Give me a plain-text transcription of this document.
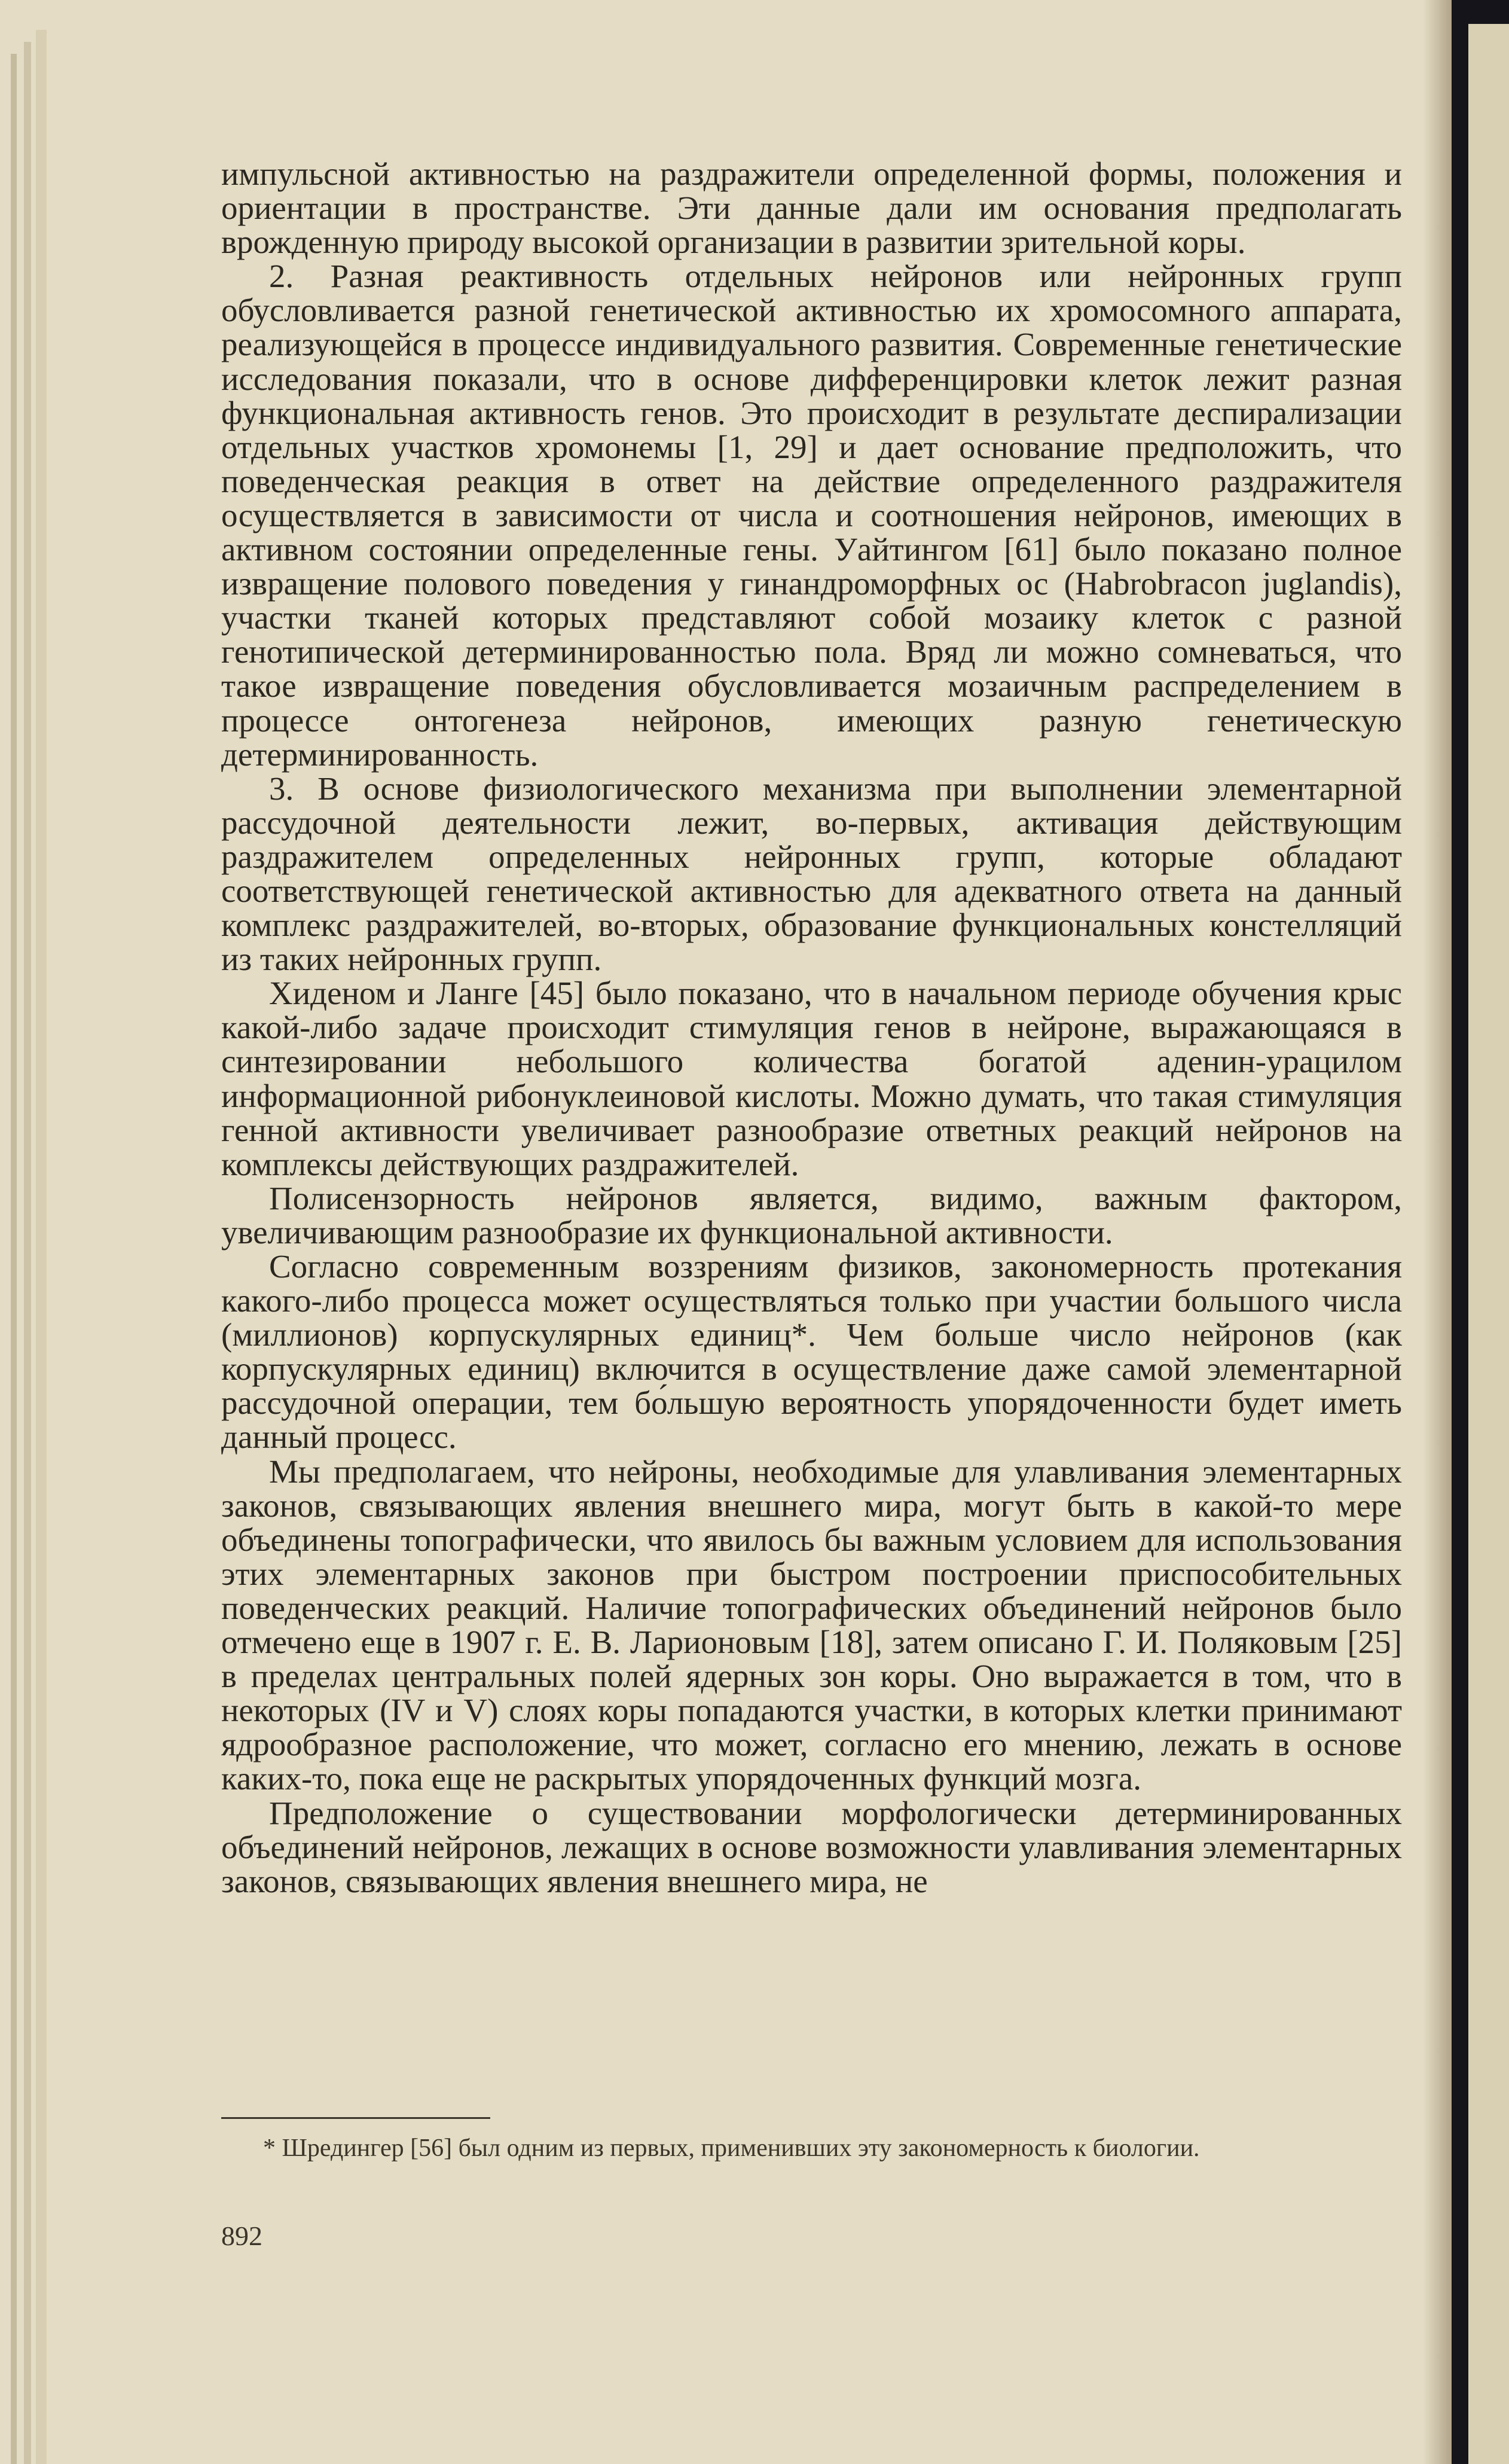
импульсной активностью на раздражители определенной формы, положения и ориентации в пространстве. Эти данные дали им основания предполагать врожденную природу высокой организации в развитии зрительной коры.

2. Разная реактивность отдельных нейронов или нейронных групп обусловливается разной генетической активностью их хромосомного аппарата, реализующейся в процессе индивидуального развития. Современные генетические исследования показали, что в основе дифференцировки клеток лежит разная функциональная активность генов. Это происходит в результате деспирализации отдельных участков хромонемы [1, 29] и дает основание предположить, что поведенческая реакция в ответ на действие определенного раздражителя осуществляется в зависимости от числа и соотношения нейронов, имеющих в активном состоянии определенные гены. Уайтингом [61] было показано полное извращение полового поведения у гинандроморфных ос (Habrobracon juglandis), участки тканей которых представляют собой мозаику клеток с разной генотипической детерминированностью пола. Вряд ли можно сомневаться, что такое извращение поведения обусловливается мозаичным распределением в процессе онтогенеза нейронов, имеющих разную генетическую детерминированность.

3. В основе физиологического механизма при выполнении элементарной рассудочной деятельности лежит, во-первых, активация действующим раздражителем определенных нейронных групп, которые обладают соответствующей генетической активностью для адекватного ответа на данный комплекс раздражителей, во-вторых, образование функциональных констелляций из таких нейронных групп.

Хиденом и Ланге [45] было показано, что в начальном периоде обучения крыс какой-либо задаче происходит стимуляция генов в нейроне, выражающаяся в синтезировании небольшого количества богатой аденин-урацилом информационной рибонуклеиновой кислоты. Можно думать, что такая стимуляция генной активности увеличивает разнообразие ответных реакций нейронов на комплексы действующих раздражителей.

Полисензорность нейронов является, видимо, важным фактором, увеличивающим разнообразие их функциональной активности.

Согласно современным воззрениям физиков, закономерность протекания какого-либо процесса может осуществляться только при участии большого числа (миллионов) корпускулярных единиц*. Чем больше число нейронов (как корпускулярных единиц) включится в осуществление даже самой элементарной рассудочной операции, тем бо́льшую вероятность упорядоченности будет иметь данный процесс.

Мы предполагаем, что нейроны, необходимые для улавливания элементарных законов, связывающих явления внешнего мира, могут быть в какой-то мере объединены топографически, что явилось бы важным условием для использования этих элементарных законов при быстром построении приспособительных поведенческих реакций. Наличие топографических объединений нейронов было отмечено еще в 1907 г. Е. В. Ларионовым [18], затем описано Г. И. Поляковым [25] в пределах центральных полей ядерных зон коры. Оно выражается в том, что в некоторых (IV и V) слоях коры попадаются участки, в которых клетки принимают ядрообразное расположение, что может, согласно его мнению, лежать в основе каких-то, пока еще не раскрытых упорядоченных функций мозга.

Предположение о существовании морфологически детерминированных объединений нейронов, лежащих в основе возможности улавливания элементарных законов, связывающих явления внешнего мира, не

* Шредингер [56] был одним из первых, применивших эту закономерность к биологии.

892
